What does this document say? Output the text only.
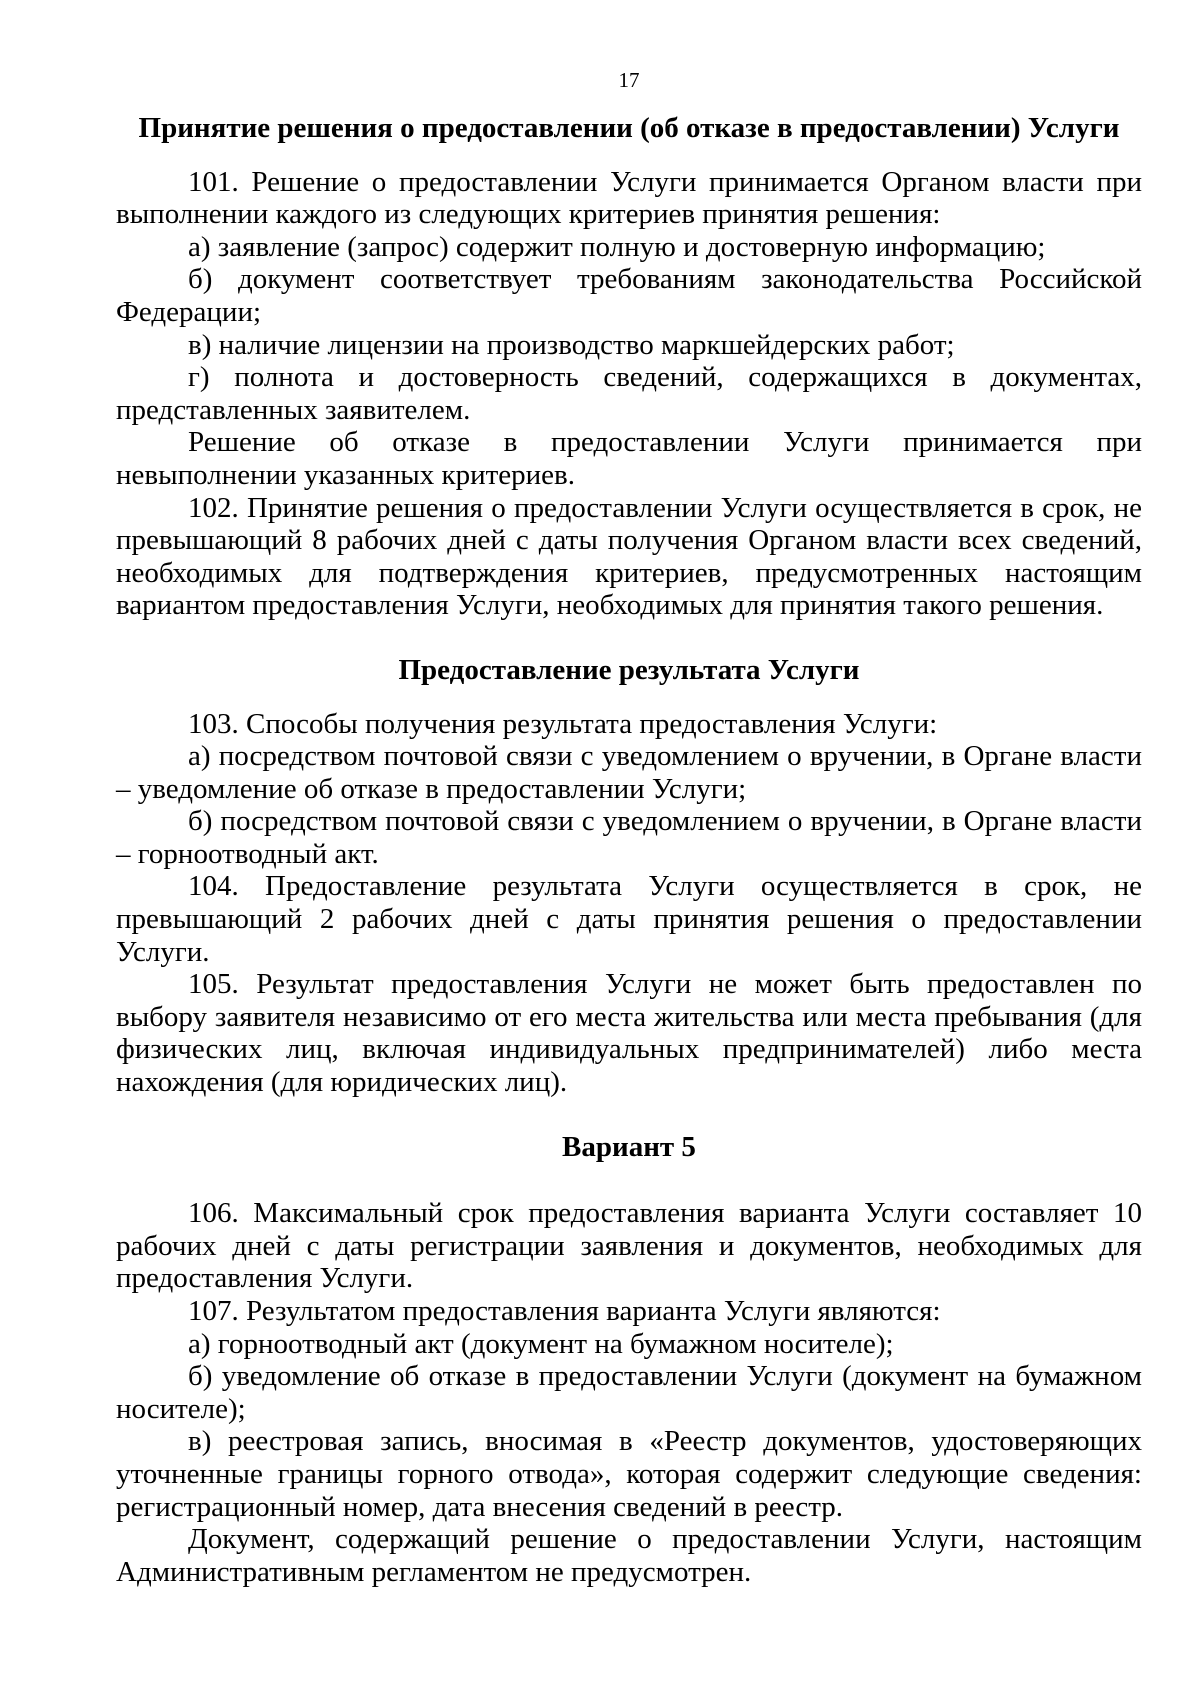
17
Принятие решения о предоставлении (об отказе в предоставлении) Услуги

101. Решение о предоставлении Услуги принимается Органом власти при выполнении каждого из следующих критериев принятия решения:

а) заявление (запрос) содержит полную и достоверную информацию;

б) документ соответствует требованиям законодательства Российской Федерации;

в) наличие лицензии на производство маркшейдерских работ;

г) полнота и достоверность сведений, содержащихся в документах, представленных заявителем.

Решение об отказе в предоставлении Услуги принимается при невыполнении указанных критериев.

102. Принятие решения о предоставлении Услуги осуществляется в срок, не превышающий 8 рабочих дней с даты получения Органом власти всех сведений, необходимых для подтверждения критериев, предусмотренных настоящим вариантом предоставления Услуги, необходимых для принятия такого решения.

Предоставление результата Услуги

103. Способы получения результата предоставления Услуги:

а) посредством почтовой связи с уведомлением о вручении, в Органе власти – уведомление об отказе в предоставлении Услуги;

б) посредством почтовой связи с уведомлением о вручении, в Органе власти – горноотводный акт.

104. Предоставление результата Услуги осуществляется в срок, не превышающий 2 рабочих дней с даты принятия решения о предоставлении Услуги.

105. Результат предоставления Услуги не может быть предоставлен по выбору заявителя независимо от его места жительства или места пребывания (для физических лиц, включая индивидуальных предпринимателей) либо места нахождения (для юридических лиц).

Вариант 5

106. Максимальный срок предоставления варианта Услуги составляет 10 рабочих дней с даты регистрации заявления и документов, необходимых для предоставления Услуги.

107. Результатом предоставления варианта Услуги являются:

а) горноотводный акт (документ на бумажном носителе);

б) уведомление об отказе в предоставлении Услуги (документ на бумажном носителе);

в) реестровая запись, вносимая в «Реестр документов, удостоверяющих уточненные границы горного отвода», которая содержит следующие сведения: регистрационный номер, дата внесения сведений в реестр.

Документ, содержащий решение о предоставлении Услуги, настоящим Административным регламентом не предусмотрен.
